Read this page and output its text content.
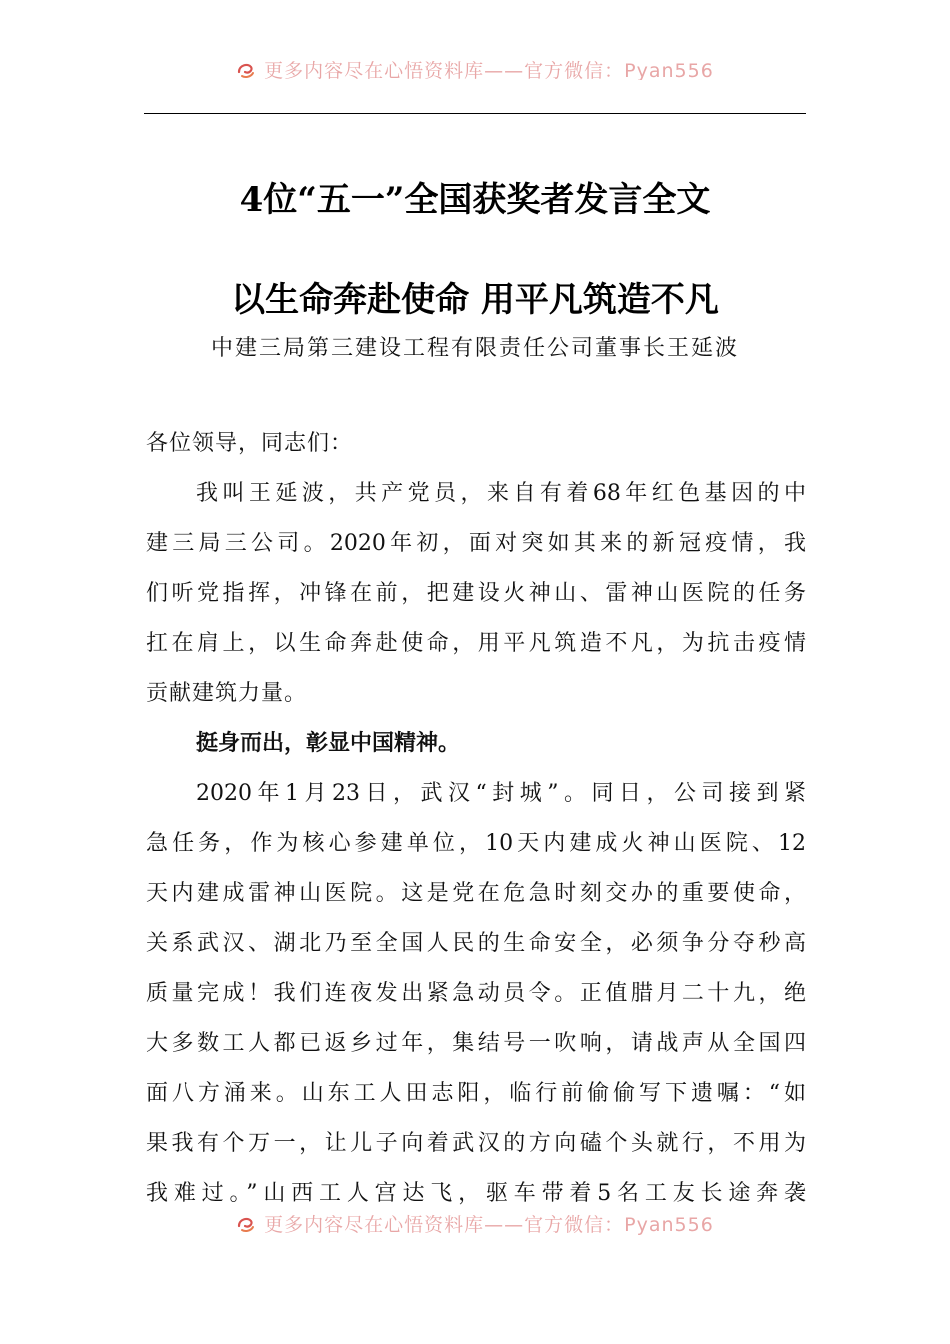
更多内容尽在心悟资料库——官方微信：Pyan556
4位“五一”全国获奖者发言全文
以生命奔赴使命 用平凡筑造不凡
中建三局第三建设工程有限责任公司董事长王延波
各位领导，同志们：
我叫王延波，共产党员，来自有着68年红色基因的中
建三局三公司。2020年初，面对突如其来的新冠疫情，我
们听党指挥，冲锋在前，把建设火神山、雷神山医院的任务
扛在肩上，以生命奔赴使命，用平凡筑造不凡，为抗击疫情
贡献建筑力量。
挺身而出，彰显中国精神。
2020年1月23日，武汉“封城”。同日，公司接到紧
急任务，作为核心参建单位，10天内建成火神山医院、12
天内建成雷神山医院。这是党在危急时刻交办的重要使命，
关系武汉、湖北乃至全国人民的生命安全，必须争分夺秒高
质量完成！我们连夜发出紧急动员令。正值腊月二十九，绝
大多数工人都已返乡过年，集结号一吹响，请战声从全国四
面八方涌来。山东工人田志阳，临行前偷偷写下遗嘱：“如
果我有个万一，让儿子向着武汉的方向磕个头就行，不用为
我难过。”山西工人宫达飞，驱车带着5名工友长途奔袭
更多内容尽在心悟资料库——官方微信：Pyan556
